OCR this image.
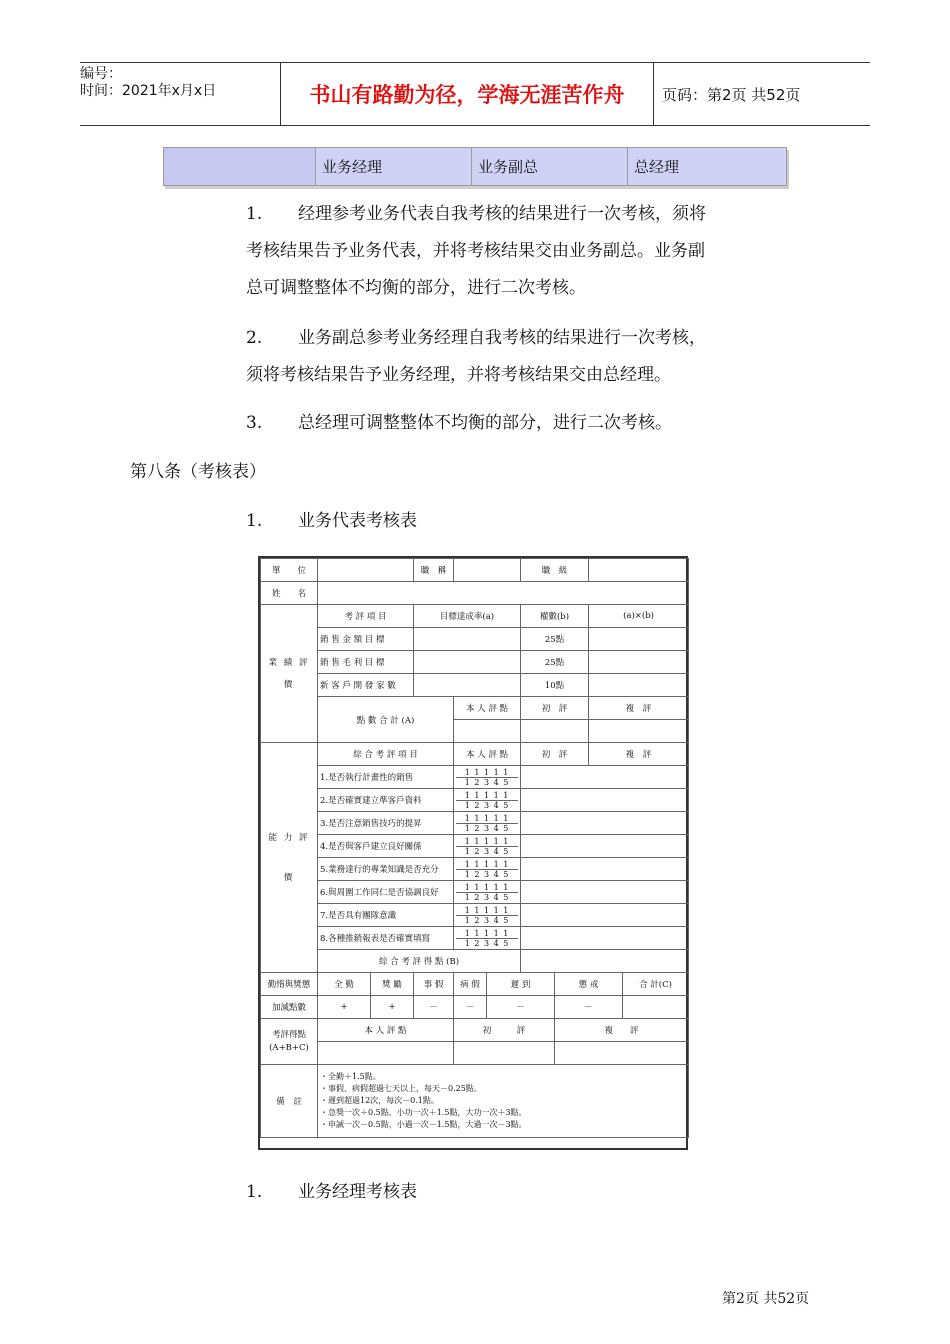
编号：
时间：2021年x月x日	书山有路勤为径，学海无涯苦作舟	页码：第2页 共52页
业务经理	业务副总	总经理
1. 经理参考业务代表自我考核的结果进行一次考核，须将
考核结果告予业务代表，并将考核结果交由业务副总。业务副
总可调整整体不均衡的部分，进行二次考核。
2. 业务副总参考业务经理自我考核的结果进行一次考核，
须将考核结果告予业务经理，并将考核结果交由总经理。
3. 总经理可调整整体不均衡的部分，进行二次考核。
第八条（考核表）
1. 业务代表考核表
單　　位			職　稱			職　級			
姓　　名									
業 績 評 價	考 評 項 目		目標達成率(a)			權數(b)		(a)×(b)	
	銷 售 金 額 目 標					25點			
	銷 售 毛 利 目 標					25點			
	新 客 戶 開 發 家 數					10點			
	點 數 合 計 (A)			本 人 評 點		初　評		複　評	

能 力 評 價	綜 合 考 評 項 目			本 人 評 點		初　評		複　評	
	1.是否執行計畫性的銷售			1 1 1 1 1
1 2 3 4 5					

	2.是否確實建立準客戶資料			1 1 1 1 1
1 2 3 4 5					

	3.是否注意銷售技巧的提昇			1 1 1 1 1
1 2 3 4 5					

	4.是否與客戶建立良好關係			1 1 1 1 1
1 2 3 4 5					

	5.業務達行的專業知識是否充分			1 1 1 1 1
1 2 3 4 5					

	6.與周圍工作同仁是否協調良好			1 1 1 1 1
1 2 3 4 5					

	7.是否具有團隊意識			1 1 1 1 1
1 2 3 4 5					

	8.各種推銷報表是否確實填寫			1 1 1 1 1
1 2 3 4 5					

	綜 合 考 評 得 點 (B)								
勤惰與獎懲	全 勤	獎 勵	事 假	病 假	遲 到		懲 戒		合 計(C)
加減點數	+	+	－	－	－		－		
考評得點 (A+B+C)	本 人 評 點			初　　　評			複　　評		

備　註	・全勤＋1.5點。
・事假、病假超過七天以上，每天－0.25點。
・遲到超過12次，每次－0.1點。
・急獎一次＋0.5點，小功一次＋1.5點，大功一次＋3點。
・申誡一次－0.5點，小過一次－1.5點，大過一次－3點。								
1. 业务经理考核表
第2页 共52页
